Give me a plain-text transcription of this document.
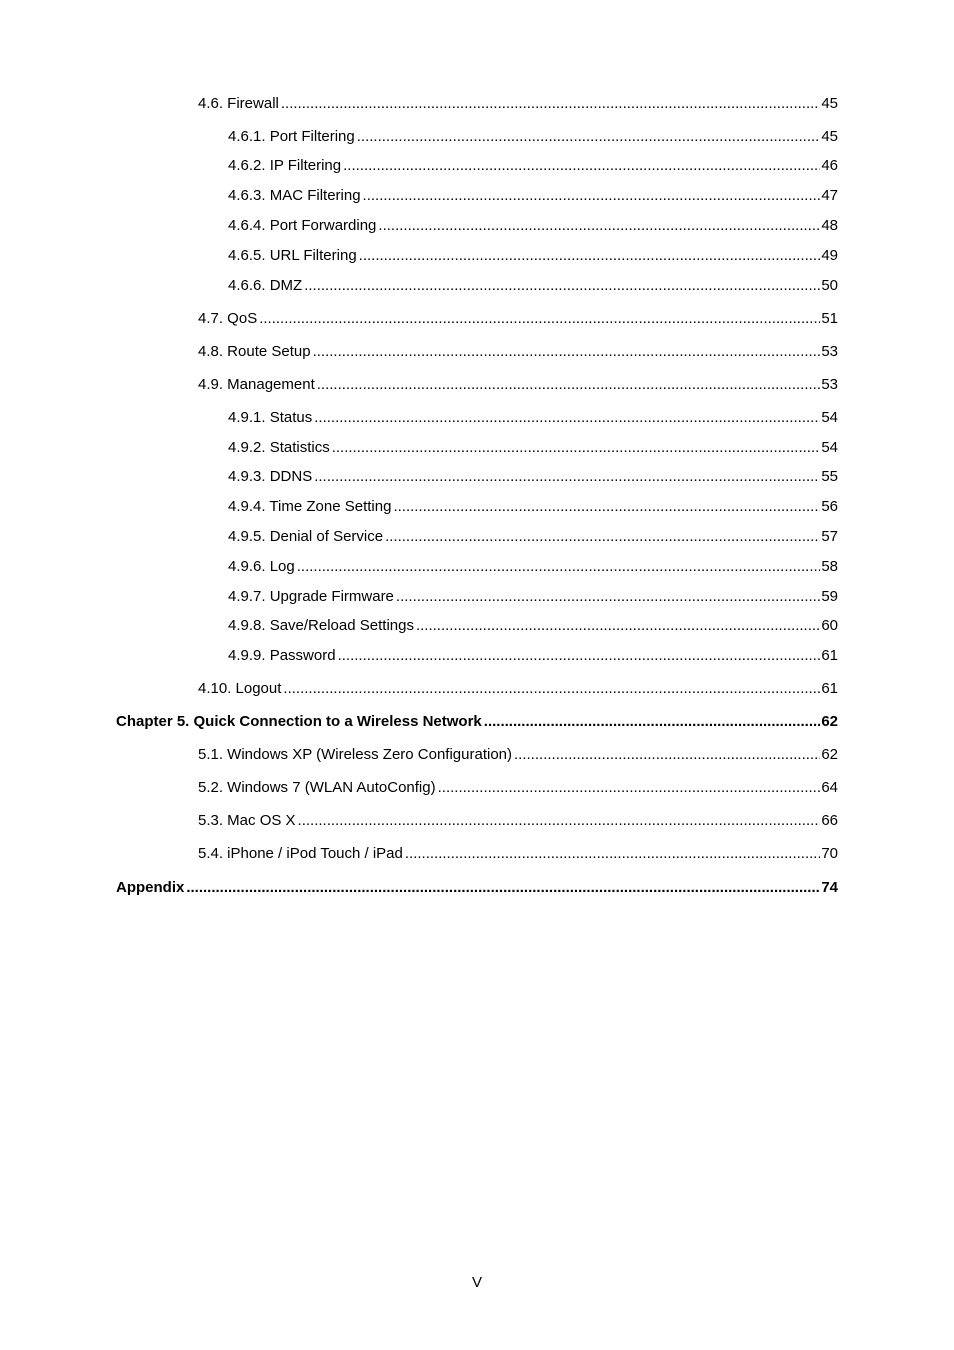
4.6. Firewall .....	45
4.6.1. Port Filtering .....	45
4.6.2. IP Filtering .....	46
4.6.3. MAC Filtering .....	47
4.6.4. Port Forwarding .....	48
4.6.5. URL Filtering .....	49
4.6.6. DMZ .....	50
4.7. QoS .....	51
4.8. Route Setup .....	53
4.9. Management .....	53
4.9.1. Status .....	54
4.9.2. Statistics .....	54
4.9.3. DDNS .....	55
4.9.4. Time Zone Setting .....	56
4.9.5. Denial of Service .....	57
4.9.6. Log .....	58
4.9.7. Upgrade Firmware .....	59
4.9.8. Save/Reload Settings .....	60
4.9.9. Password .....	61
4.10. Logout .....	61
Chapter 5. Quick Connection to a Wireless Network .....	62
5.1. Windows XP (Wireless Zero Configuration) .....	62
5.2. Windows 7 (WLAN AutoConfig) .....	64
5.3. Mac OS X .....	66
5.4. iPhone / iPod Touch / iPad .....	70
Appendix .....	74
V
